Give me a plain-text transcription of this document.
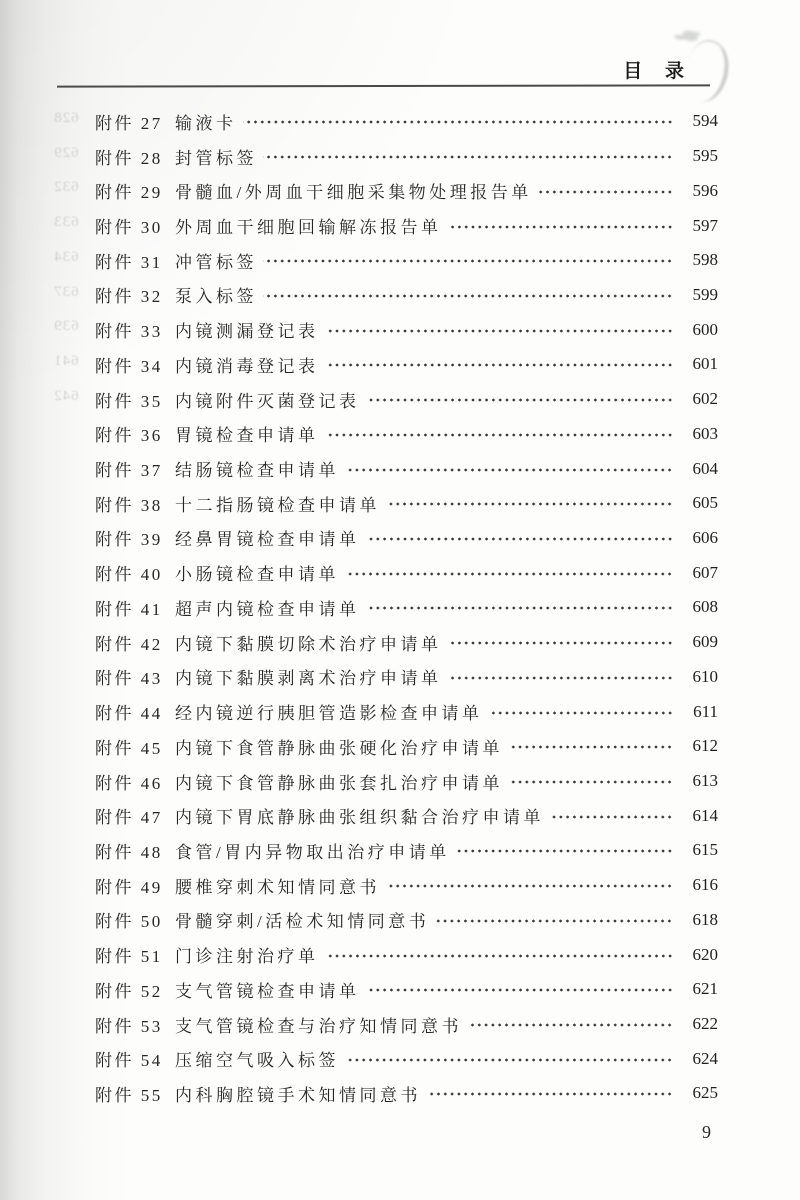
目 录
628
629
632
633
634
637
639
641
642
附件 27 输液卡	594
附件 28 封管标签	595
附件 29 骨髓血/外周血干细胞采集物处理报告单	596
附件 30 外周血干细胞回输解冻报告单	597
附件 31 冲管标签	598
附件 32 泵入标签	599
附件 33 内镜测漏登记表	600
附件 34 内镜消毒登记表	601
附件 35 内镜附件灭菌登记表	602
附件 36 胃镜检查申请单	603
附件 37 结肠镜检查申请单	604
附件 38 十二指肠镜检查申请单	605
附件 39 经鼻胃镜检查申请单	606
附件 40 小肠镜检查申请单	607
附件 41 超声内镜检查申请单	608
附件 42 内镜下黏膜切除术治疗申请单	609
附件 43 内镜下黏膜剥离术治疗申请单	610
附件 44 经内镜逆行胰胆管造影检查申请单	611
附件 45 内镜下食管静脉曲张硬化治疗申请单	612
附件 46 内镜下食管静脉曲张套扎治疗申请单	613
附件 47 内镜下胃底静脉曲张组织黏合治疗申请单	614
附件 48 食管/胃内异物取出治疗申请单	615
附件 49 腰椎穿刺术知情同意书	616
附件 50 骨髓穿刺/活检术知情同意书	618
附件 51 门诊注射治疗单	620
附件 52 支气管镜检查申请单	621
附件 53 支气管镜检查与治疗知情同意书	622
附件 54 压缩空气吸入标签	624
附件 55 内科胸腔镜手术知情同意书	625
9
